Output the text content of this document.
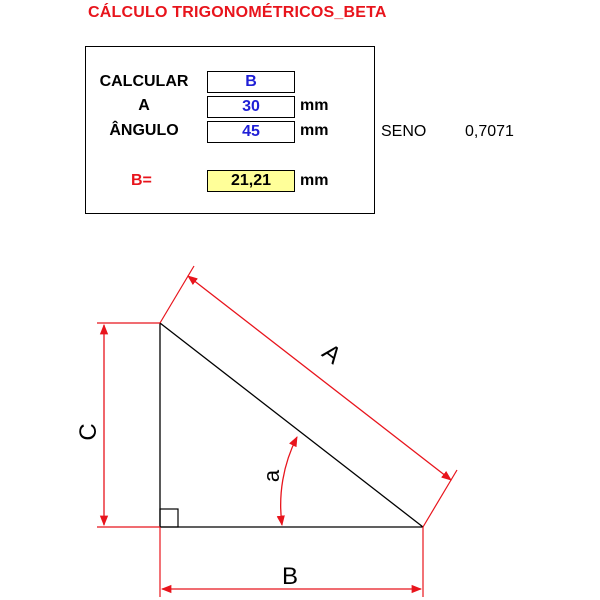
CÁLCULO TRIGONOMÉTRICOS_BETA
CALCULAR	B
A	30	mm
ÂNGULO	45	mm	SENO 0,7071
B=	21,21	mm
A
C
B
a
